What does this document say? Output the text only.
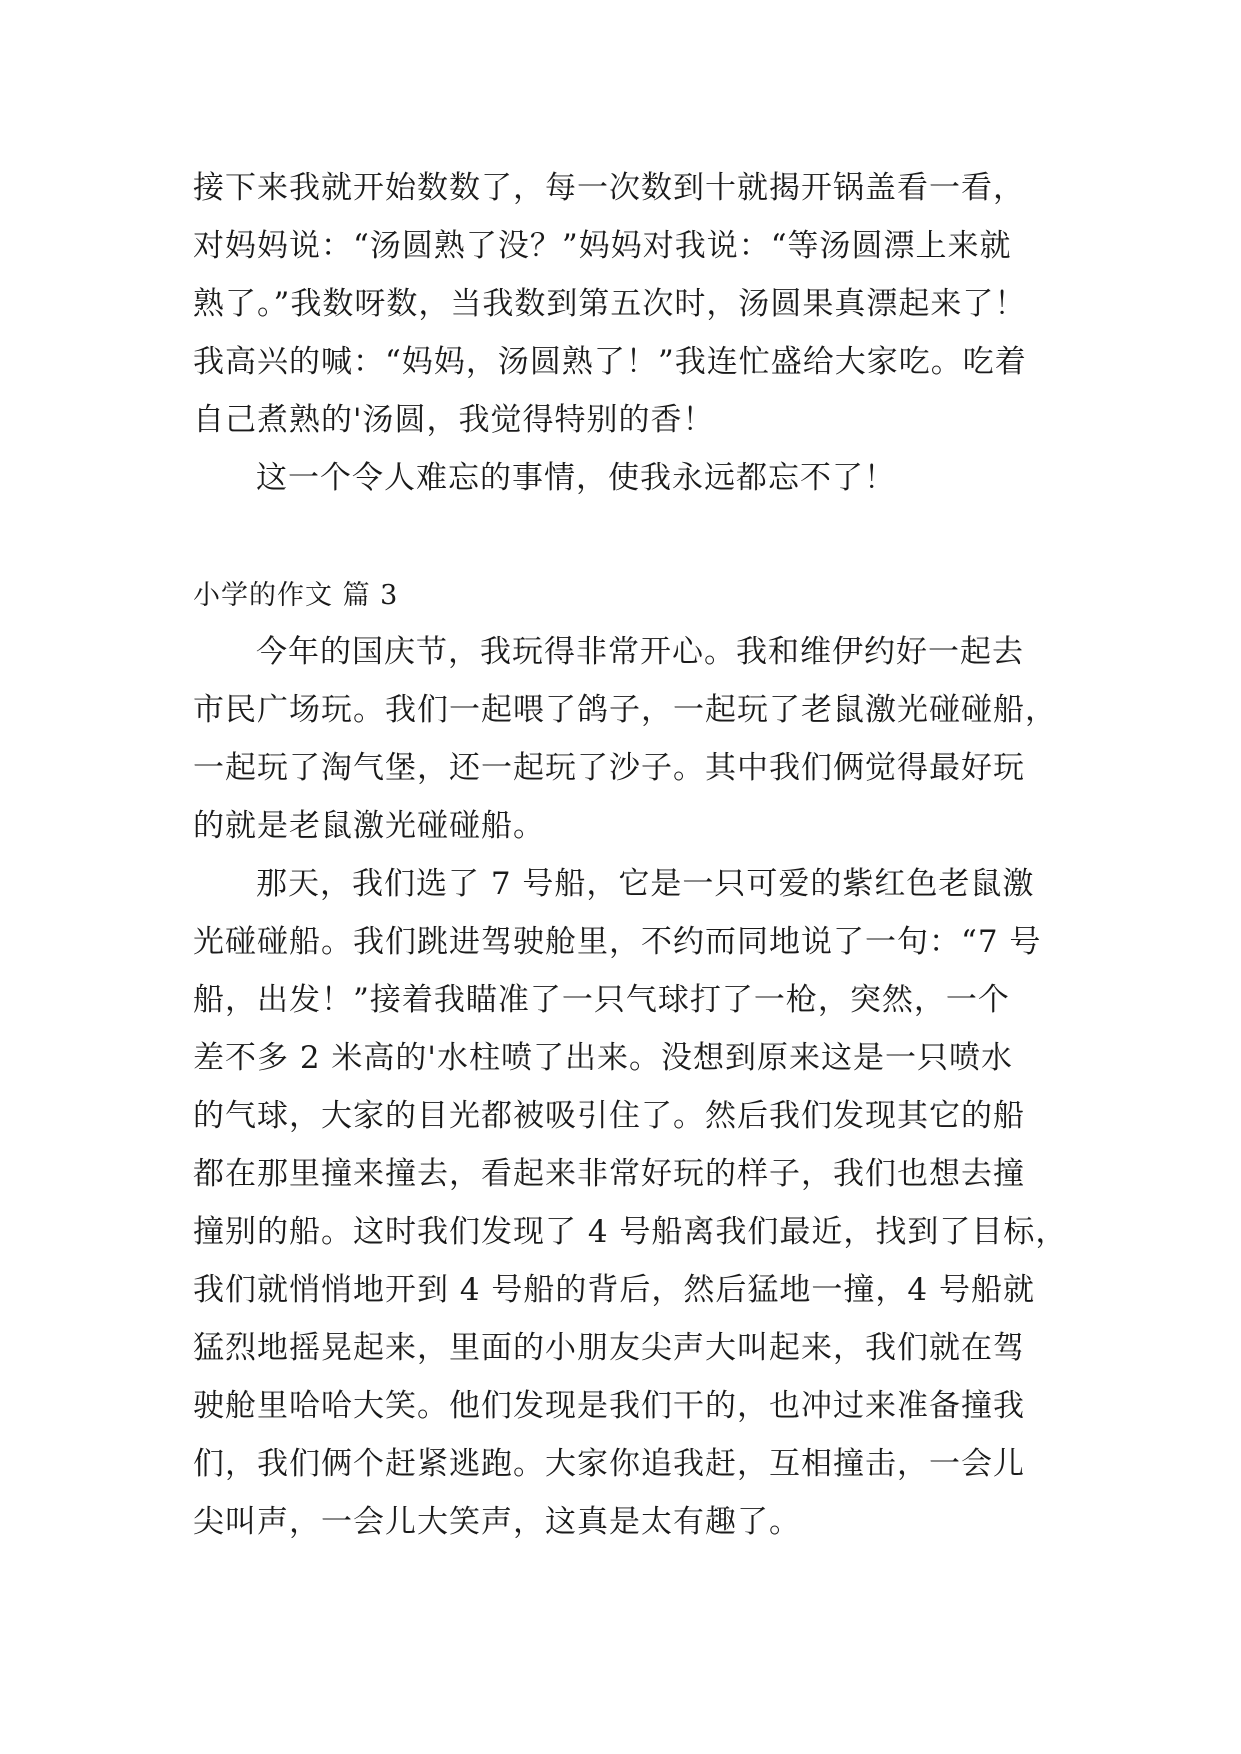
接下来我就开始数数了，每一次数到十就揭开锅盖看一看，
对妈妈说：“汤圆熟了没？”妈妈对我说：“等汤圆漂上来就
熟了。”我数呀数，当我数到第五次时，汤圆果真漂起来了！
我高兴的喊：“妈妈，汤圆熟了！”我连忙盛给大家吃。吃着
自己煮熟的'汤圆，我觉得特别的香！
这一个令人难忘的事情，使我永远都忘不了！
小学的作文 篇 3
今年的国庆节，我玩得非常开心。我和维伊约好一起去
市民广场玩。我们一起喂了鸽子，一起玩了老鼠激光碰碰船，
一起玩了淘气堡，还一起玩了沙子。其中我们俩觉得最好玩
的就是老鼠激光碰碰船。
那天，我们选了 7 号船，它是一只可爱的紫红色老鼠激
光碰碰船。我们跳进驾驶舱里，不约而同地说了一句：“7 号
船，出发！”接着我瞄准了一只气球打了一枪，突然，一个
差不多 2 米高的'水柱喷了出来。没想到原来这是一只喷水
的气球，大家的目光都被吸引住了。然后我们发现其它的船
都在那里撞来撞去，看起来非常好玩的样子，我们也想去撞
撞别的船。这时我们发现了 4 号船离我们最近，找到了目标，
我们就悄悄地开到 4 号船的背后，然后猛地一撞，4 号船就
猛烈地摇晃起来，里面的小朋友尖声大叫起来，我们就在驾
驶舱里哈哈大笑。他们发现是我们干的，也冲过来准备撞我
们，我们俩个赶紧逃跑。大家你追我赶，互相撞击，一会儿
尖叫声，一会儿大笑声，这真是太有趣了。
